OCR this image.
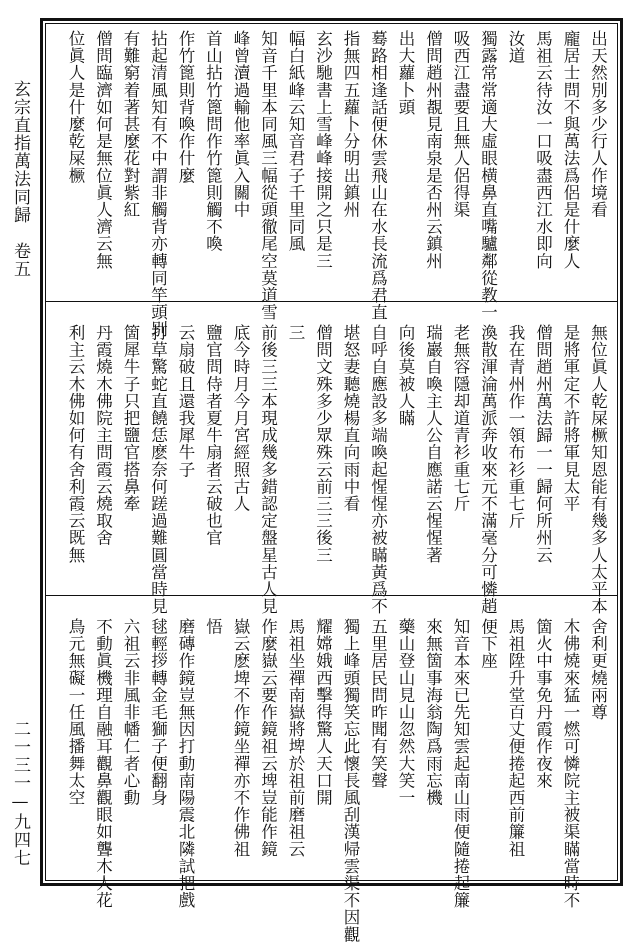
玄宗直指萬法同歸　卷五
二一三一—九四七
出天然別多少行人作境看
龐居士問不與萬法爲侶是什麼人
馬祖云待汝一口吸盡西江水即向
汝道
獨露常常適大虛眼横鼻直嘴驢鄰從教一
吸西江盡要且無人侶得渠
僧問趙州覩見南泉是否州云鎮州
出大蘿卜頭
蓦路相逢話便休雲飛山在水長流爲君直
指無四五蘿卜分明出鎮州
玄沙馳書上雪峰峰接開之只是三
幅白紙峰云知音君子千里同風
知音千里本同風三幅從頭徹尾空莫道雪
峰曾瀆過輸他率眞入關中
首山拈竹篦問作竹篦則觸不喚
作竹篦則背喚作什麼
拈起清風知有不中謂非觸背亦轉同竿頭别
有難窮着著甚麼花對紫紅
僧問臨濟如何是無位眞人濟云無
位眞人是什麼乾屎橛
無位眞人乾屎橛知恩能有幾多人太平本
是將軍定不許將軍見太平
僧問趙州萬法歸一一歸何所州云
我在青州作一領布衫重七斤
渙散渾淪萬派奔收來元不滿毫分可憐趙
老無容隱却道青衫重七斤
瑞巖自喚主人公自應諾云惺惺著
向後莫被人瞞
自呼自應設多端喚起惺惺亦被瞞黃爲不
堪怒妻聽燒楊直向雨中看
僧問文殊多少眾殊云前三三後三
三
前後三三本現成幾多錯認定盤星古人見
底今時月今月宮經照古人
鹽官問侍者夏牛扇者云破也官
云扇破且還我犀牛子
打草驚蛇直饒恁麽奈何蹉過難圓當時見
箇犀牛子只把鹽官搭鼻牽
丹霞燒木佛院主問霞云燒取舍
利主云木佛如何有舍利霞云既無
舍利更燒兩尊
木佛燒來猛一燃可憐院主被渠瞞當時不
箇火中事免丹霞作夜來
馬祖陞升堂百丈便捲起西前簾祖
便下座
知音本來已先知雲起南山雨便隨捲起簾
來無箇事海翁陶爲雨忘機
藥山登山見山忽然大笑一
五里居民問昨聞有笑聲
獨上峰頭獨笑忘此懷長風刮漢帰雲渠不因觀
耀嫦娥西擊得驚人天口開
馬祖坐禪南嶽將埤於祖前磨祖云
作麼嶽云要作鏡祖云埤豈能作鏡
嶽云麽埤不作鏡坐禪亦不作佛祖
悟
磨磚作鏡豈無因打動南陽震北隣試把戲
毬輕拶轉金毛獅子便翻身
六祖云非風非幡仁者心動
不動眞機理自融耳觀鼻觀眼如聾木人花
鳥元無礙一任風播舞太空
